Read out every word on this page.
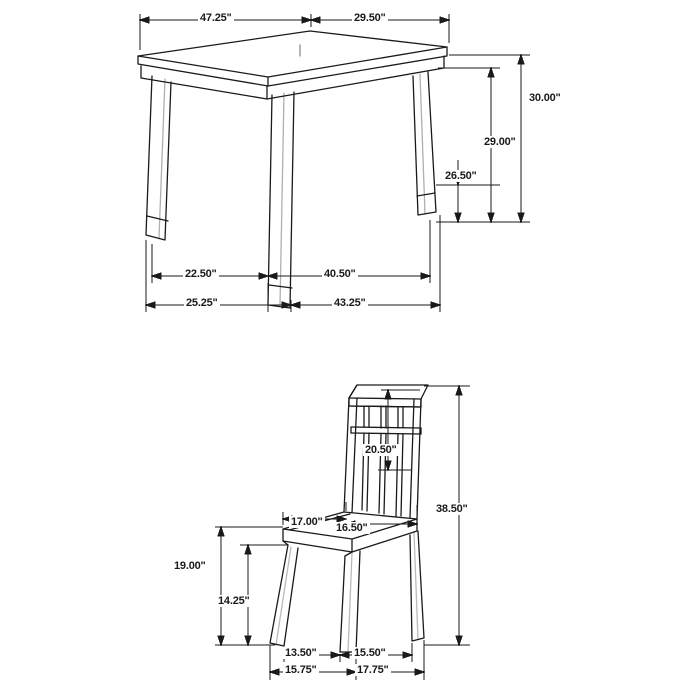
47.25"	29.50"
30.00"
29.00"
26.50"
22.50"	40.50"
25.25"	43.25"
20.50"
38.50"
17.00" 16.50"
19.00"
14.25"
13.50"	15.50"
15.75"	17.75"
